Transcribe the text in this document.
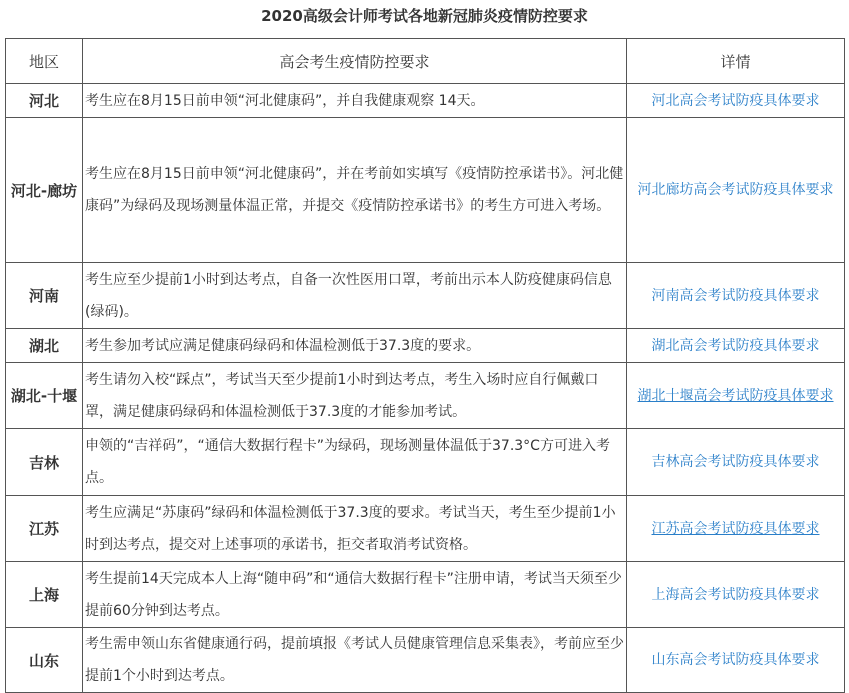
2020高级会计师考试各地新冠肺炎疫情防控要求
地区	高会考生疫情防控要求	详情
河北	考生应在8月15日前申领“河北健康码”，并自我健康观察 14天。	河北高会考试防疫具体要求
河北-廊坊	考生应在8月15日前申领“河北健康码”，并在考前如实填写《疫情防控承诺书》。河北健康码”为绿码及现场测量体温正常，并提交《疫情防控承诺书》的考生方可进入考场。	河北廊坊高会考试防疫具体要求
河南	考生应至少提前1小时到达考点，自备一次性医用口罩，考前出示本人防疫健康码信息(绿码)。	河南高会考试防疫具体要求
湖北	考生参加考试应满足健康码绿码和体温检测低于37.3度的要求。	湖北高会考试防疫具体要求
湖北-十堰	考生请勿入校“踩点”，考试当天至少提前1小时到达考点，考生入场时应自行佩戴口罩，满足健康码绿码和体温检测低于37.3度的才能参加考试。	湖北十堰高会考试防疫具体要求
吉林	申领的“吉祥码”，“通信大数据行程卡”为绿码，现场测量体温低于37.3°C方可进入考点。	吉林高会考试防疫具体要求
江苏	考生应满足“苏康码”绿码和体温检测低于37.3度的要求。考试当天，考生至少提前1小时到达考点，提交对上述事项的承诺书，拒交者取消考试资格。	江苏高会考试防疫具体要求
上海	考生提前14天完成本人上海“随申码”和“通信大数据行程卡”注册申请，考试当天须至少提前60分钟到达考点。	上海高会考试防疫具体要求
山东	考生需申领山东省健康通行码，提前填报《考试人员健康管理信息采集表》，考前应至少提前1个小时到达考点。	山东高会考试防疫具体要求
